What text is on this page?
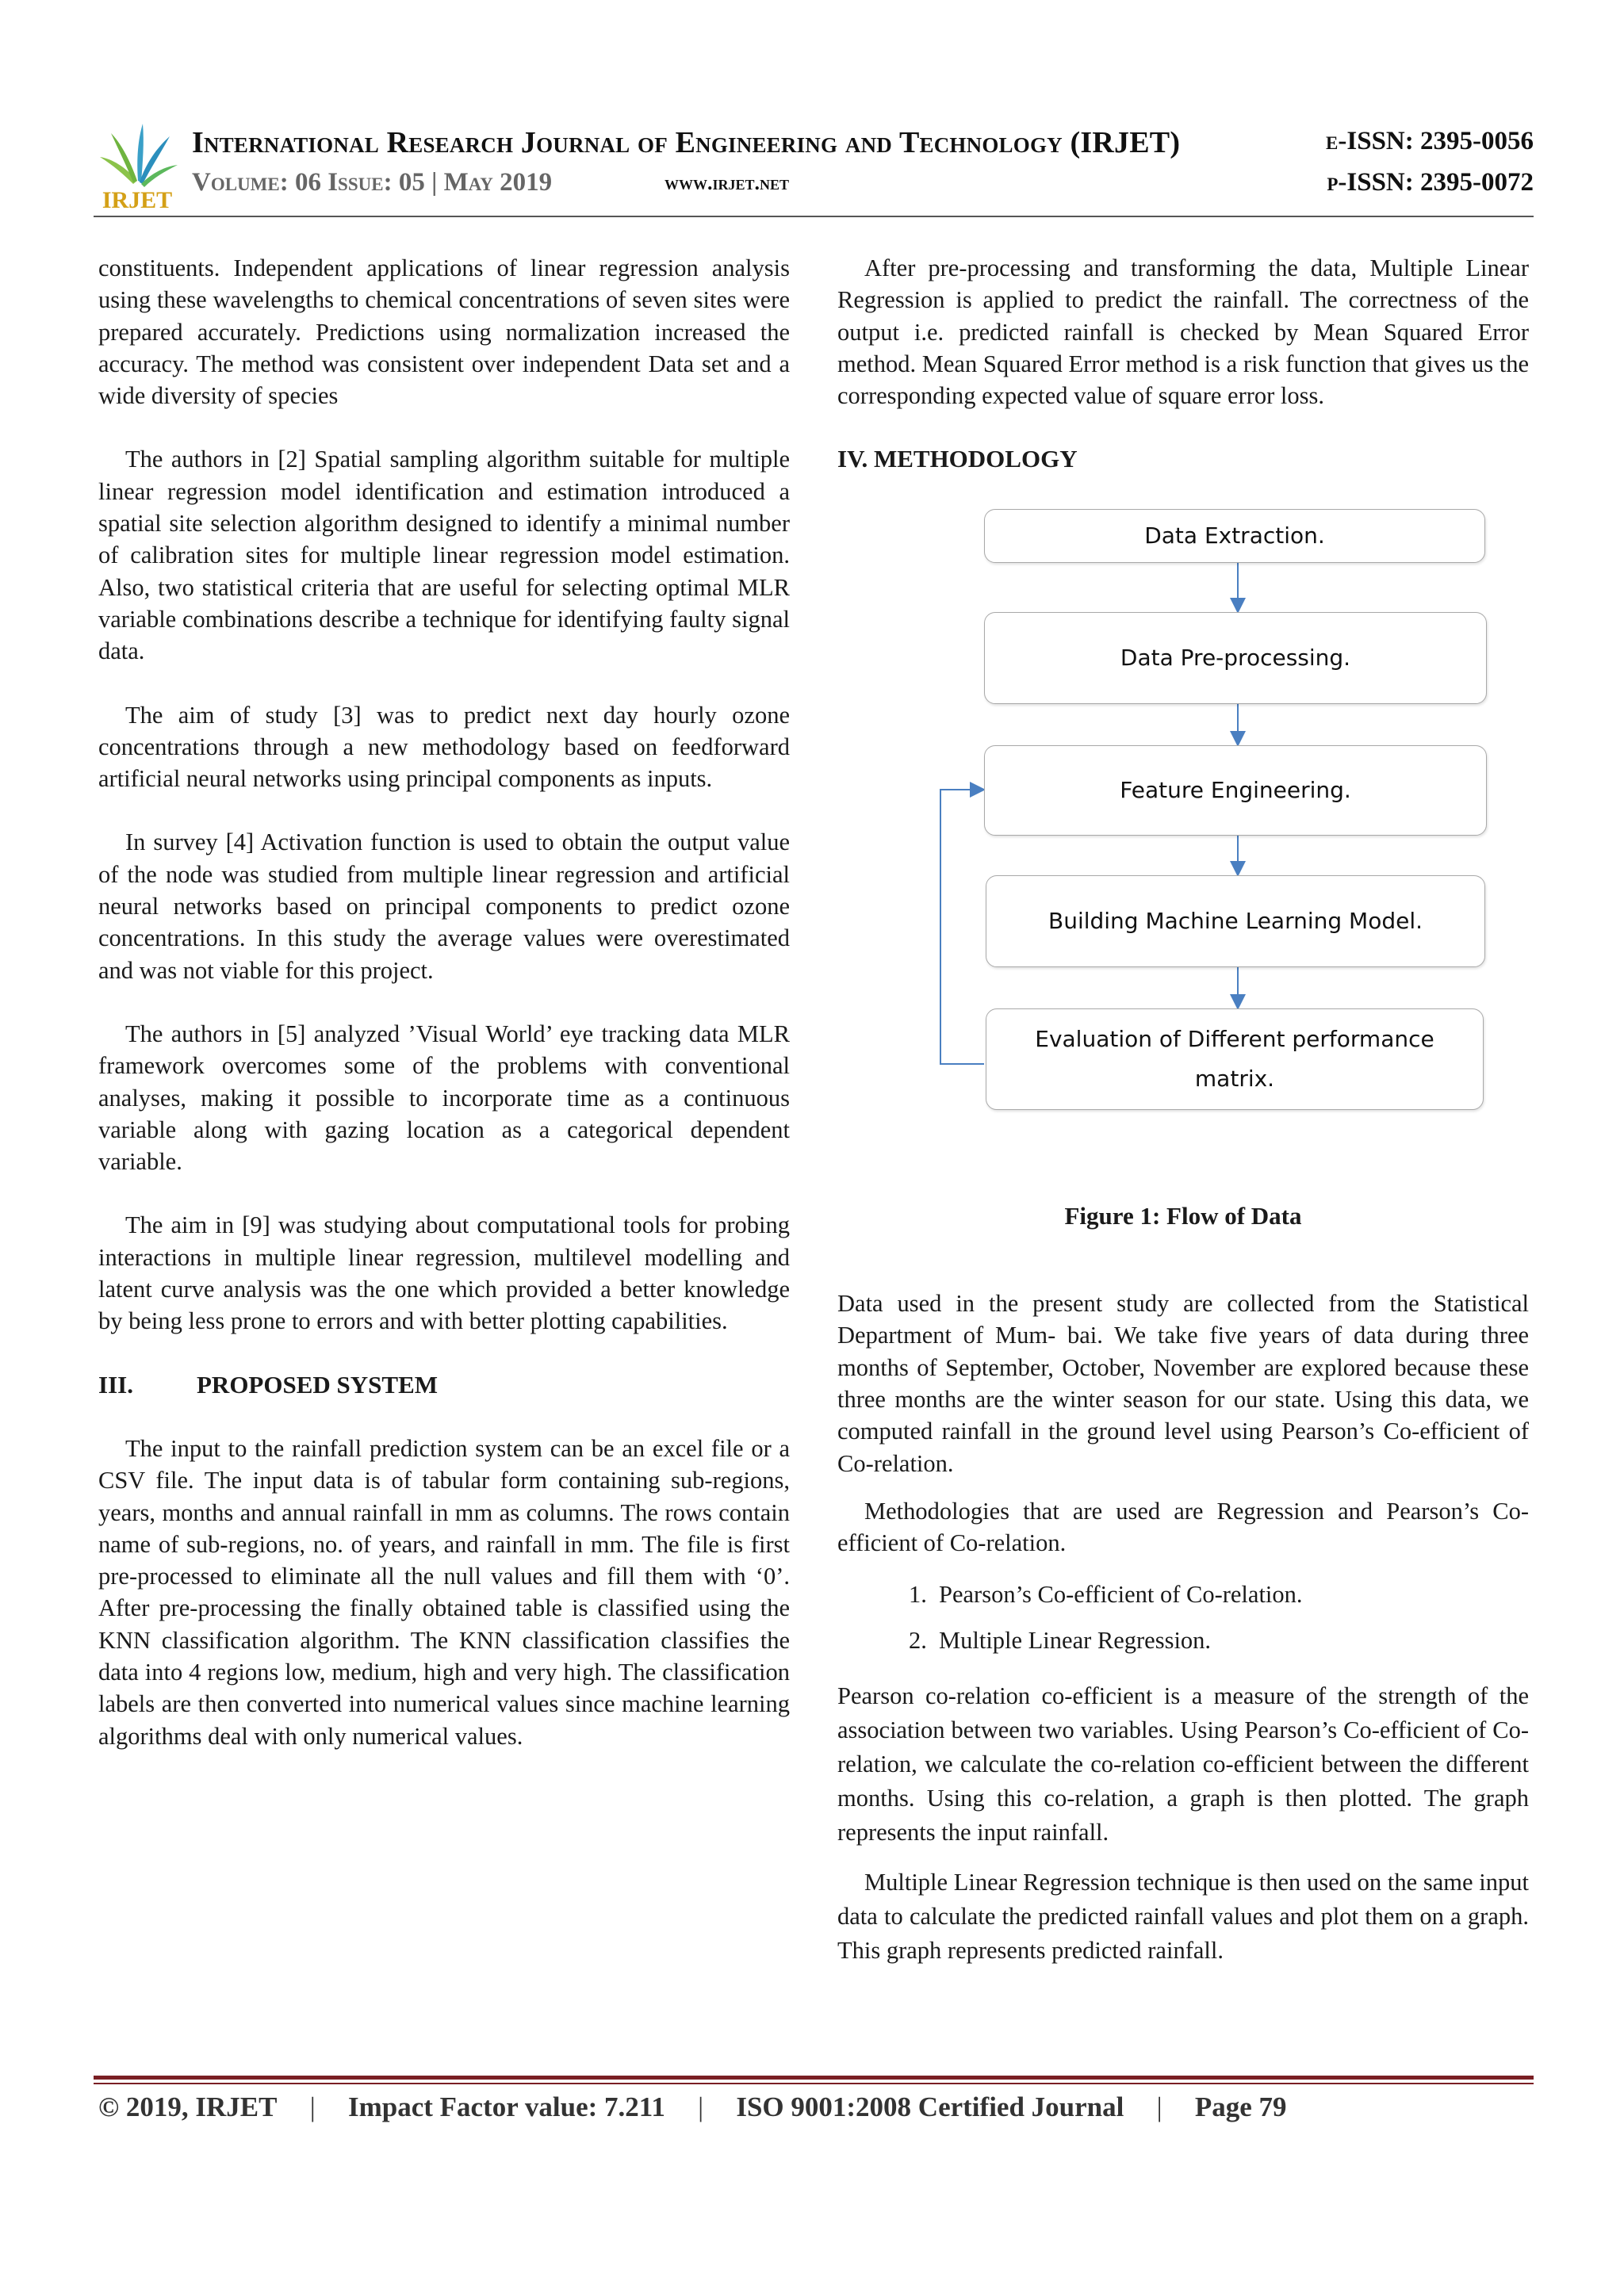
IRJET
International Research Journal of Engineering and Technology (IRJET)
Volume: 06 Issue: 05 | May 2019	www.irjet.net
e-ISSN: 2395-0056
p-ISSN: 2395-0072

constituents. Independent applications of linear regression analysis using these wavelengths to chemical concentrations of seven sites were prepared accurately. Predictions using normalization increased the accuracy. The method was consistent over independent Data set and a wide diversity of species

The authors in [2] Spatial sampling algorithm suitable for multiple linear regression model identification and estimation introduced a spatial site selection algorithm designed to identify a minimal number of calibration sites for multiple linear regression model estimation. Also, two statistical criteria that are useful for selecting optimal MLR variable combinations describe a technique for identifying faulty signal data.

The aim of study [3] was to predict next day hourly ozone concentrations through a new methodology based on feedforward artificial neural networks using principal components as inputs.

In survey [4] Activation function is used to obtain the output value of the node was studied from multiple linear regression and artificial neural networks based on principal components to predict ozone concentrations. In this study the average values were overestimated and was not viable for this project.

The authors in [5] analyzed ’Visual World’ eye tracking data MLR framework overcomes some of the problems with conventional analyses, making it possible to incorporate time as a continuous variable along with gazing location as a categorical dependent variable.

The aim in [9] was studying about computational tools for probing interactions in multiple linear regression, multilevel modelling and latent curve analysis was the one which provided a better knowledge by being less prone to errors and with better plotting capabilities.

III.	PROPOSED SYSTEM

The input to the rainfall prediction system can be an excel file or a CSV file. The input data is of tabular form containing sub-regions, years, months and annual rainfall in mm as columns. The rows contain name of sub-regions, no. of years, and rainfall in mm. The file is first pre-processed to eliminate all the null values and fill them with ‘0’. After pre-processing the finally obtained table is classified using the KNN classification algorithm. The KNN classification classifies the data into 4 regions low, medium, high and very high. The classification labels are then converted into numerical values since machine learning algorithms deal with only numerical values.

After pre-processing and transforming the data, Multiple Linear Regression is applied to predict the rainfall. The correctness of the output i.e. predicted rainfall is checked by Mean Squared Error method. Mean Squared Error method is a risk function that gives us the corresponding expected value of square error loss.

IV. METHODOLOGY
Data Extraction.
Data Pre-processing.
Feature Engineering.
Building Machine Learning Model.
Evaluation of Different performance
matrix.
Figure 1: Flow of Data

Data used in the present study are collected from the Statistical Department of Mum- bai. We take five years of data during three months of September, October, November are explored because these three months are the winter season for our state. Using this data, we computed rainfall in the ground level using Pearson’s Co-efficient of Co-relation.

Methodologies that are used are Regression and Pearson’s Co-efficient of Co-relation.

1. Pearson’s Co-efficient of Co-relation.
2. Multiple Linear Regression.

Pearson co-relation co-efficient is a measure of the strength of the association between two variables. Using Pearson’s Co-efficient of Co-relation, we calculate the co-relation co-efficient between the different months. Using this co-relation, a graph is then plotted. The graph represents the input rainfall.

Multiple Linear Regression technique is then used on the same input data to calculate the predicted rainfall values and plot them on a graph. This graph represents predicted rainfall.

© 2019, IRJET | Impact Factor value: 7.211 | ISO 9001:2008 Certified Journal | Page 79
